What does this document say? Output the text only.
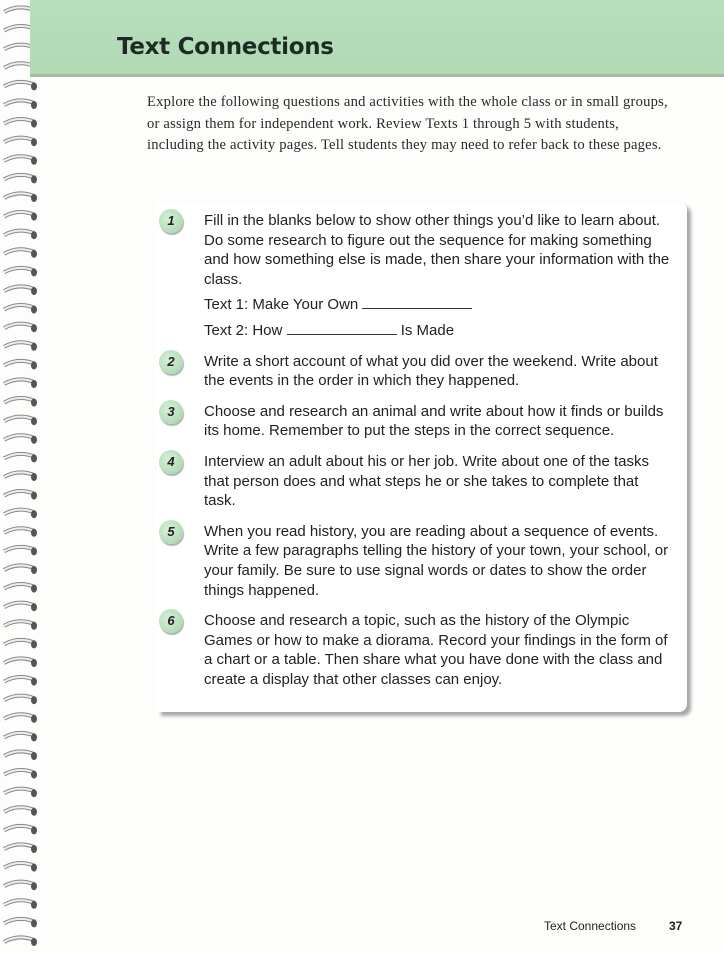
Text Connections
Explore the following questions and activities with the whole class or in small groups, or assign them for independent work. Review Texts 1 through 5 with students, including the activity pages. Tell students they may need to refer back to these pages.
1	Fill in the blanks below to show other things you’d like to learn about. Do some research to figure out the sequence for making something and how something else is made, then share your information with the class.
Text 1: Make Your Own
Text 2: How	Is Made
2	Write a short account of what you did over the weekend. Write about the events in the order in which they happened.
3	Choose and research an animal and write about how it finds or builds its home. Remember to put the steps in the correct sequence.
4	Interview an adult about his or her job. Write about one of the tasks that person does and what steps he or she takes to complete that task.
5	When you read history, you are reading about a sequence of events. Write a few paragraphs telling the history of your town, your school, or your family. Be sure to use signal words or dates to show the order things happened.
6	Choose and research a topic, such as the history of the Olympic Games or how to make a diorama. Record your findings in the form of a chart or a table. Then share what you have done with the class and create a display that other classes can enjoy.
Text Connections	37
